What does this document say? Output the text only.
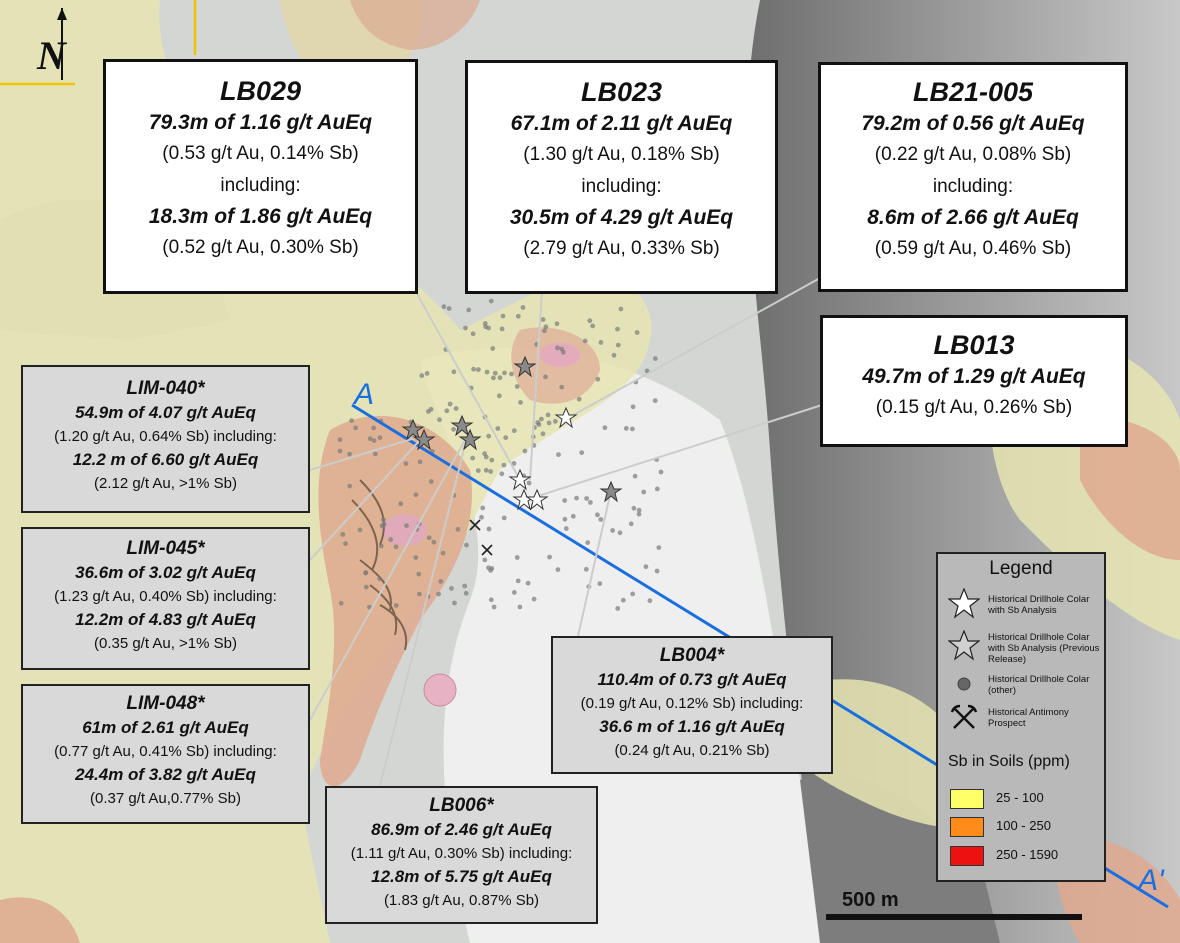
N
A
A'
500 m
LB029
79.3m of 1.16 g/t AuEq
(0.53 g/t Au, 0.14% Sb)
including:
18.3m of 1.86 g/t AuEq
(0.52 g/t Au, 0.30% Sb)
LB023
67.1m of 2.11 g/t AuEq
(1.30 g/t Au, 0.18% Sb)
including:
30.5m of 4.29 g/t AuEq
(2.79 g/t Au, 0.33% Sb)
LB21-005
79.2m of 0.56 g/t AuEq
(0.22 g/t Au, 0.08% Sb)
including:
8.6m of 2.66 g/t AuEq
(0.59 g/t Au, 0.46% Sb)
LB013
49.7m of 1.29 g/t AuEq
(0.15 g/t Au, 0.26% Sb)
LIM-040*
54.9m of 4.07 g/t AuEq
(1.20 g/t Au, 0.64% Sb) including:
12.2 m of 6.60 g/t AuEq
(2.12 g/t Au, >1% Sb)
LIM-045*
36.6m of 3.02 g/t AuEq
(1.23 g/t Au, 0.40% Sb) including:
12.2m of 4.83 g/t AuEq
(0.35 g/t Au, >1% Sb)
LIM-048*
61m of 2.61 g/t AuEq
(0.77 g/t Au, 0.41% Sb) including:
24.4m of 3.82 g/t AuEq
(0.37 g/t Au,0.77% Sb)	LB006*
86.9m of 2.46 g/t AuEq
(1.11 g/t Au, 0.30% Sb) including:
12.8m of 5.75 g/t AuEq
(1.83 g/t Au, 0.87% Sb)
LB004*
110.4m of 0.73 g/t AuEq
(0.19 g/t Au, 0.12% Sb) including:
36.6 m of 1.16 g/t AuEq
(0.24 g/t Au, 0.21% Sb)
Legend
Historical Drillhole Colar with Sb Analysis
Historical Drillhole Colar with Sb Analysis (Previous Release)
Historical Drillhole Colar (other)
Historical Antimony Prospect
Sb in Soils (ppm)
25 - 100
100 - 250
250 - 1590
